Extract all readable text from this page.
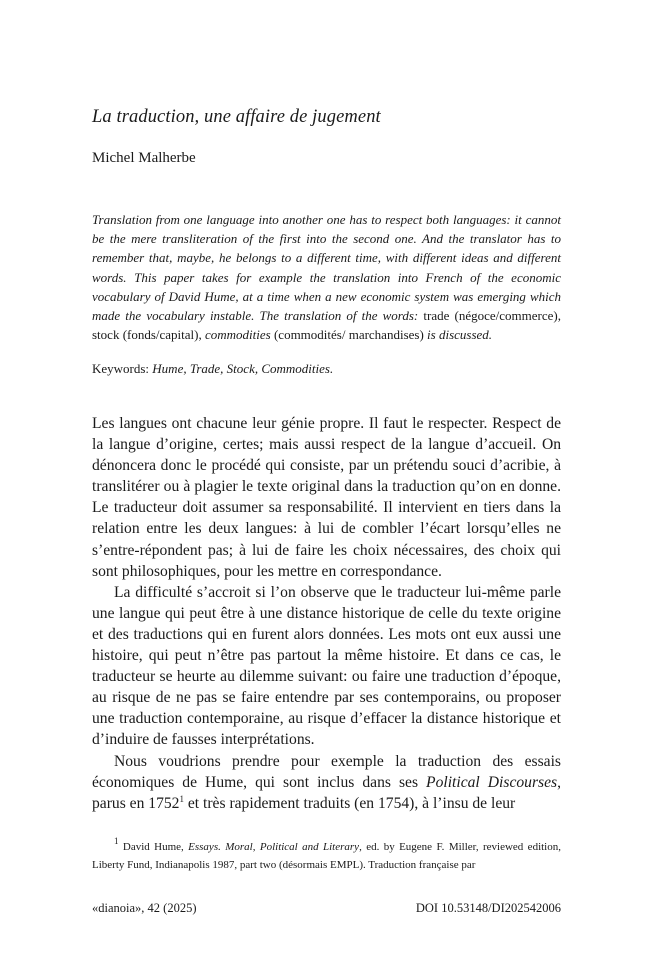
La traduction, une affaire de jugement
Michel Malherbe
Translation from one language into another one has to respect both languages: it cannot be the mere transliteration of the first into the second one. And the translator has to remember that, maybe, he belongs to a different time, with different ideas and different words. This paper takes for example the translation into French of the economic vocabulary of David Hume, at a time when a new economic system was emerging which made the vocabulary instable. The translation of the words: trade (négoce/commerce), stock (fonds/capital), commodities (commodités/ marchandises) is discussed.
Keywords: Hume, Trade, Stock, Commodities.

Les langues ont chacune leur génie propre. Il faut le respecter. Respect de la langue d’origine, certes; mais aussi respect de la langue d’accueil. On dénoncera donc le procédé qui consiste, par un prétendu souci d’acribie, à translitérer ou à plagier le texte original dans la traduction qu’on en donne. Le traducteur doit assumer sa responsabilité. Il intervient en tiers dans la relation entre les deux langues: à lui de combler l’écart lorsqu’elles ne s’entre-répondent pas; à lui de faire les choix nécessaires, des choix qui sont philosophiques, pour les mettre en correspondance.

La difficulté s’accroit si l’on observe que le traducteur lui-même parle une langue qui peut être à une distance historique de celle du texte origine et des traductions qui en furent alors données. Les mots ont eux aussi une histoire, qui peut n’être pas partout la même histoire. Et dans ce cas, le traducteur se heurte au dilemme suivant: ou faire une traduction d’époque, au risque de ne pas se faire entendre par ses contemporains, ou proposer une traduction contemporaine, au risque d’effacer la distance historique et d’induire de fausses interprétations.

Nous voudrions prendre pour exemple la traduction des essais économiques de Hume, qui sont inclus dans ses Political Discourses, parus en 1752$^1$ et très rapidement traduits (en 1754), à l’insu de leur

$^1$ David Hume, Essays. Moral, Political and Literary, ed. by Eugene F. Miller, reviewed edition, Liberty Fund, Indianapolis 1987, part two (désormais EMPL). Traduction française par
«dianoia», 42 (2025)	DOI 10.53148/DI202542006
